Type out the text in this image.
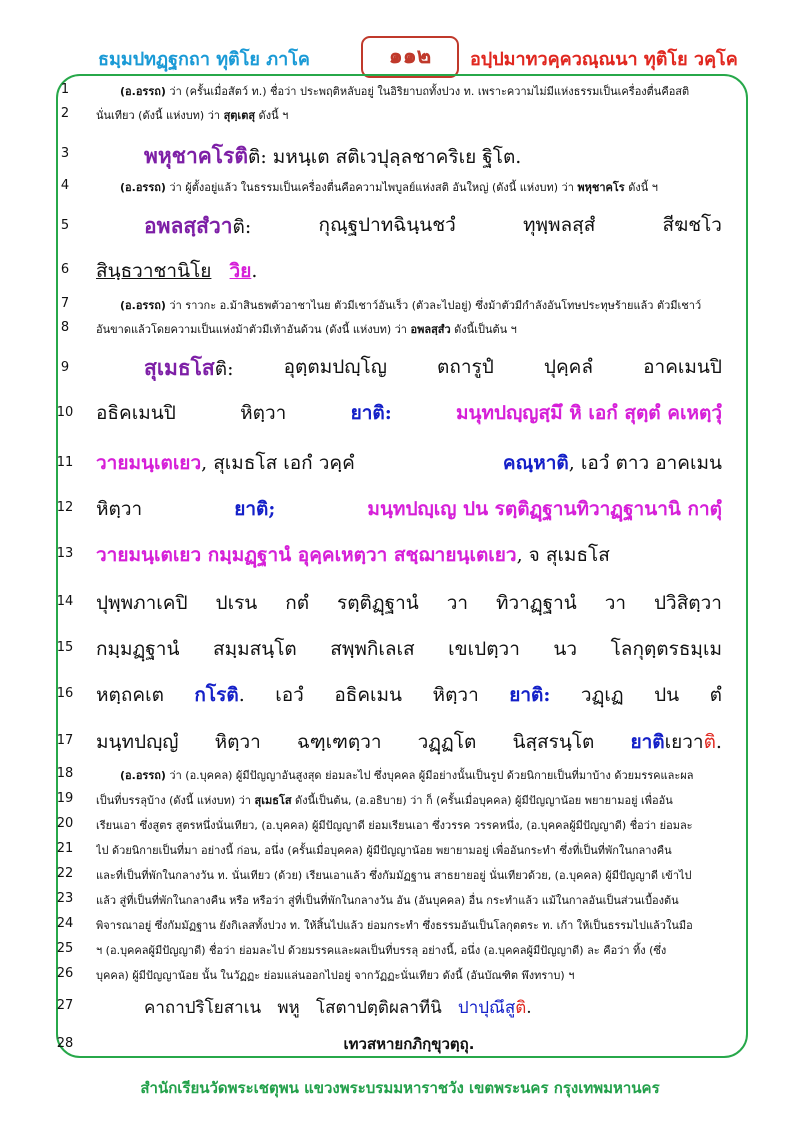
ธมฺมปทฏฺฐกถา ทุติโย ภาโค	๑๑๒	อปฺปมาทวคฺควณฺณนา ทุติโย วคฺโค
1
2
3
4
5
6
7
8
9
10
11
12
13
14
15
16
17
18
19
20
21
22
23
24
25
26
27
28
(อ.อรรถ) ว่า (ครั้นเมื่อสัตว์ ท.) ชื่อว่า ประพฤติหลับอยู่ ในอิริยาบถทั้งปวง ท. เพราะความไม่มีแห่งธรรมเป็นเครื่องตื่นคือสติ
นั่นเทียว (ดังนี้ แห่งบท) ว่า สุตฺเตสุ ดังนี้ ฯ
พหุชาคโรติติ: มหนฺเต สติเวปุลฺลชาคริเย ฐิโต.
(อ.อรรถ) ว่า ผู้ตั้งอยู่แล้ว ในธรรมเป็นเครื่องตื่นคือความไพบูลย์แห่งสติ อันใหญ่ (ดังนี้ แห่งบท) ว่า พหุชาคโร ดังนี้ ฯ
อพลสฺสํวาติ:	กุณฺฐปาทฉินฺนชวํ	ทุพฺพลสฺสํ	สีฆชโว
สินฺธวาชานิโย วิย.
(อ.อรรถ) ว่า ราวกะ อ.ม้าสินธพตัวอาชาไนย ตัวมีเชาว์อันเร็ว (ตัวละไปอยู่) ซึ่งม้าตัวมีกำลังอันโทษประทุษร้ายแล้ว ตัวมีเชาว์
อันขาดแล้วโดยความเป็นแห่งม้าตัวมีเท้าอันด้วน (ดังนี้ แห่งบท) ว่า อพลสฺสํว ดังนี้เป็นต้น ฯ
สุเมธโสติ:	อุตฺตมปญฺโญ	ตถารูปํ	ปุคฺคลํ	อาคเมนปิ
อธิคเมนปิ	หิตฺวา	ยาติ:	มนุทปญฺญสฺมึ หิ เอกํ สุตฺตํ คเหตฺวุํ
วายมนฺเตเยว, สุเมธโส เอกํ วคฺคํ	คณฺหาติ, เอวํ ตาว อาคเมน
หิตฺวา	ยาติ;	มนฺทปญฺเญ ปน รตฺติฏฺฐานทิวาฏฺฐานานิ กาตุํ
วายมนฺเตเยว กมฺมฏฺฐานํ อุคฺคเหตฺวา สชฺฌายนฺเตเยว, จ สุเมธโส
ปุพฺพภาเคปิ ปเรน กตํ รตฺติฏฺฐานํ วา ทิวาฏฺฐานํ วา ปวิสิตฺวา
กมฺมฏฺฐานํ สมฺมสนฺโต สพฺพกิเลเส เขเปตฺวา นว โลกุตฺตรธมฺเม
หตฺถคเต กโรติ. เอวํ อธิคเมน หิตฺวา ยาติ: วฏฺเฏ ปน ตํ
มนฺทปญฺญํ หิตฺวา ฉฑฺเฑตฺวา วฏฺฏโต นิสฺสรนฺโต ยาติเยวาติ.
(อ.อรรถ) ว่า (อ.บุคคล) ผู้มีปัญญาอันสูงสุด ย่อมละไป ซึ่งบุคคล ผู้มีอย่างนั้นเป็นรูป ด้วยนิกายเป็นที่มาบ้าง ด้วยมรรคและผล
เป็นที่บรรลุบ้าง (ดังนี้ แห่งบท) ว่า สุเมธโส ดังนี้เป็นต้น, (อ.อธิบาย) ว่า ก็ (ครั้นเมื่อบุคคล) ผู้มีปัญญาน้อย พยายามอยู่ เพื่ออัน
เรียนเอา ซึ่งสูตร สูตรหนึ่งนั่นเทียว, (อ.บุคคล) ผู้มีปัญญาดี ย่อมเรียนเอา ซึ่งวรรค วรรคหนึ่ง, (อ.บุคคลผู้มีปัญญาดี) ชื่อว่า ย่อมละ
ไป ด้วยนิกายเป็นที่มา อย่างนี้ ก่อน, อนึ่ง (ครั้นเมื่อบุคคล) ผู้มีปัญญาน้อย พยายามอยู่ เพื่ออันกระทำ ซึ่งที่เป็นที่พักในกลางคืน
และที่เป็นที่พักในกลางวัน ท. นั่นเทียว (ด้วย) เรียนเอาแล้ว ซึ่งกัมมัฏฐาน สาธยายอยู่ นั่นเทียวด้วย, (อ.บุคคล) ผู้มีปัญญาดี เข้าไป
แล้ว สู่ที่เป็นที่พักในกลางคืน หรือ หรือว่า สู่ที่เป็นที่พักในกลางวัน อัน (อันบุคคล) อื่น กระทำแล้ว แม้ในกาลอันเป็นส่วนเบื้องต้น
พิจารณาอยู่ ซึ่งกัมมัฏฐาน ยังกิเลสทั้งปวง ท. ให้สิ้นไปแล้ว ย่อมกระทำ ซึ่งธรรมอันเป็นโลกุตตระ ท. เก้า ให้เป็นธรรมไปแล้วในมือ
ฯ (อ.บุคคลผู้มีปัญญาดี) ชื่อว่า ย่อมละไป ด้วยมรรคและผลเป็นที่บรรลุ อย่างนี้, อนึ่ง (อ.บุคคลผู้มีปัญญาดี) ละ คือว่า ทิ้ง (ซึ่ง
บุคคล) ผู้มีปัญญาน้อย นั้น ในวัฏฏะ ย่อมแล่นออกไปอยู่ จากวัฏฏะนั่นเทียว ดังนี้ (อันบัณฑิต พึงทราบ) ฯ
คาถาปริโยสาเน พหู โสตาปตฺติผลาทีนิ ปาปุณึสูติ.
เทวสหายกภิกฺขุวตฺถุ.
สำนักเรียนวัดพระเชตุพน แขวงพระบรมมหาราชวัง เขตพระนคร กรุงเทพมหานคร
